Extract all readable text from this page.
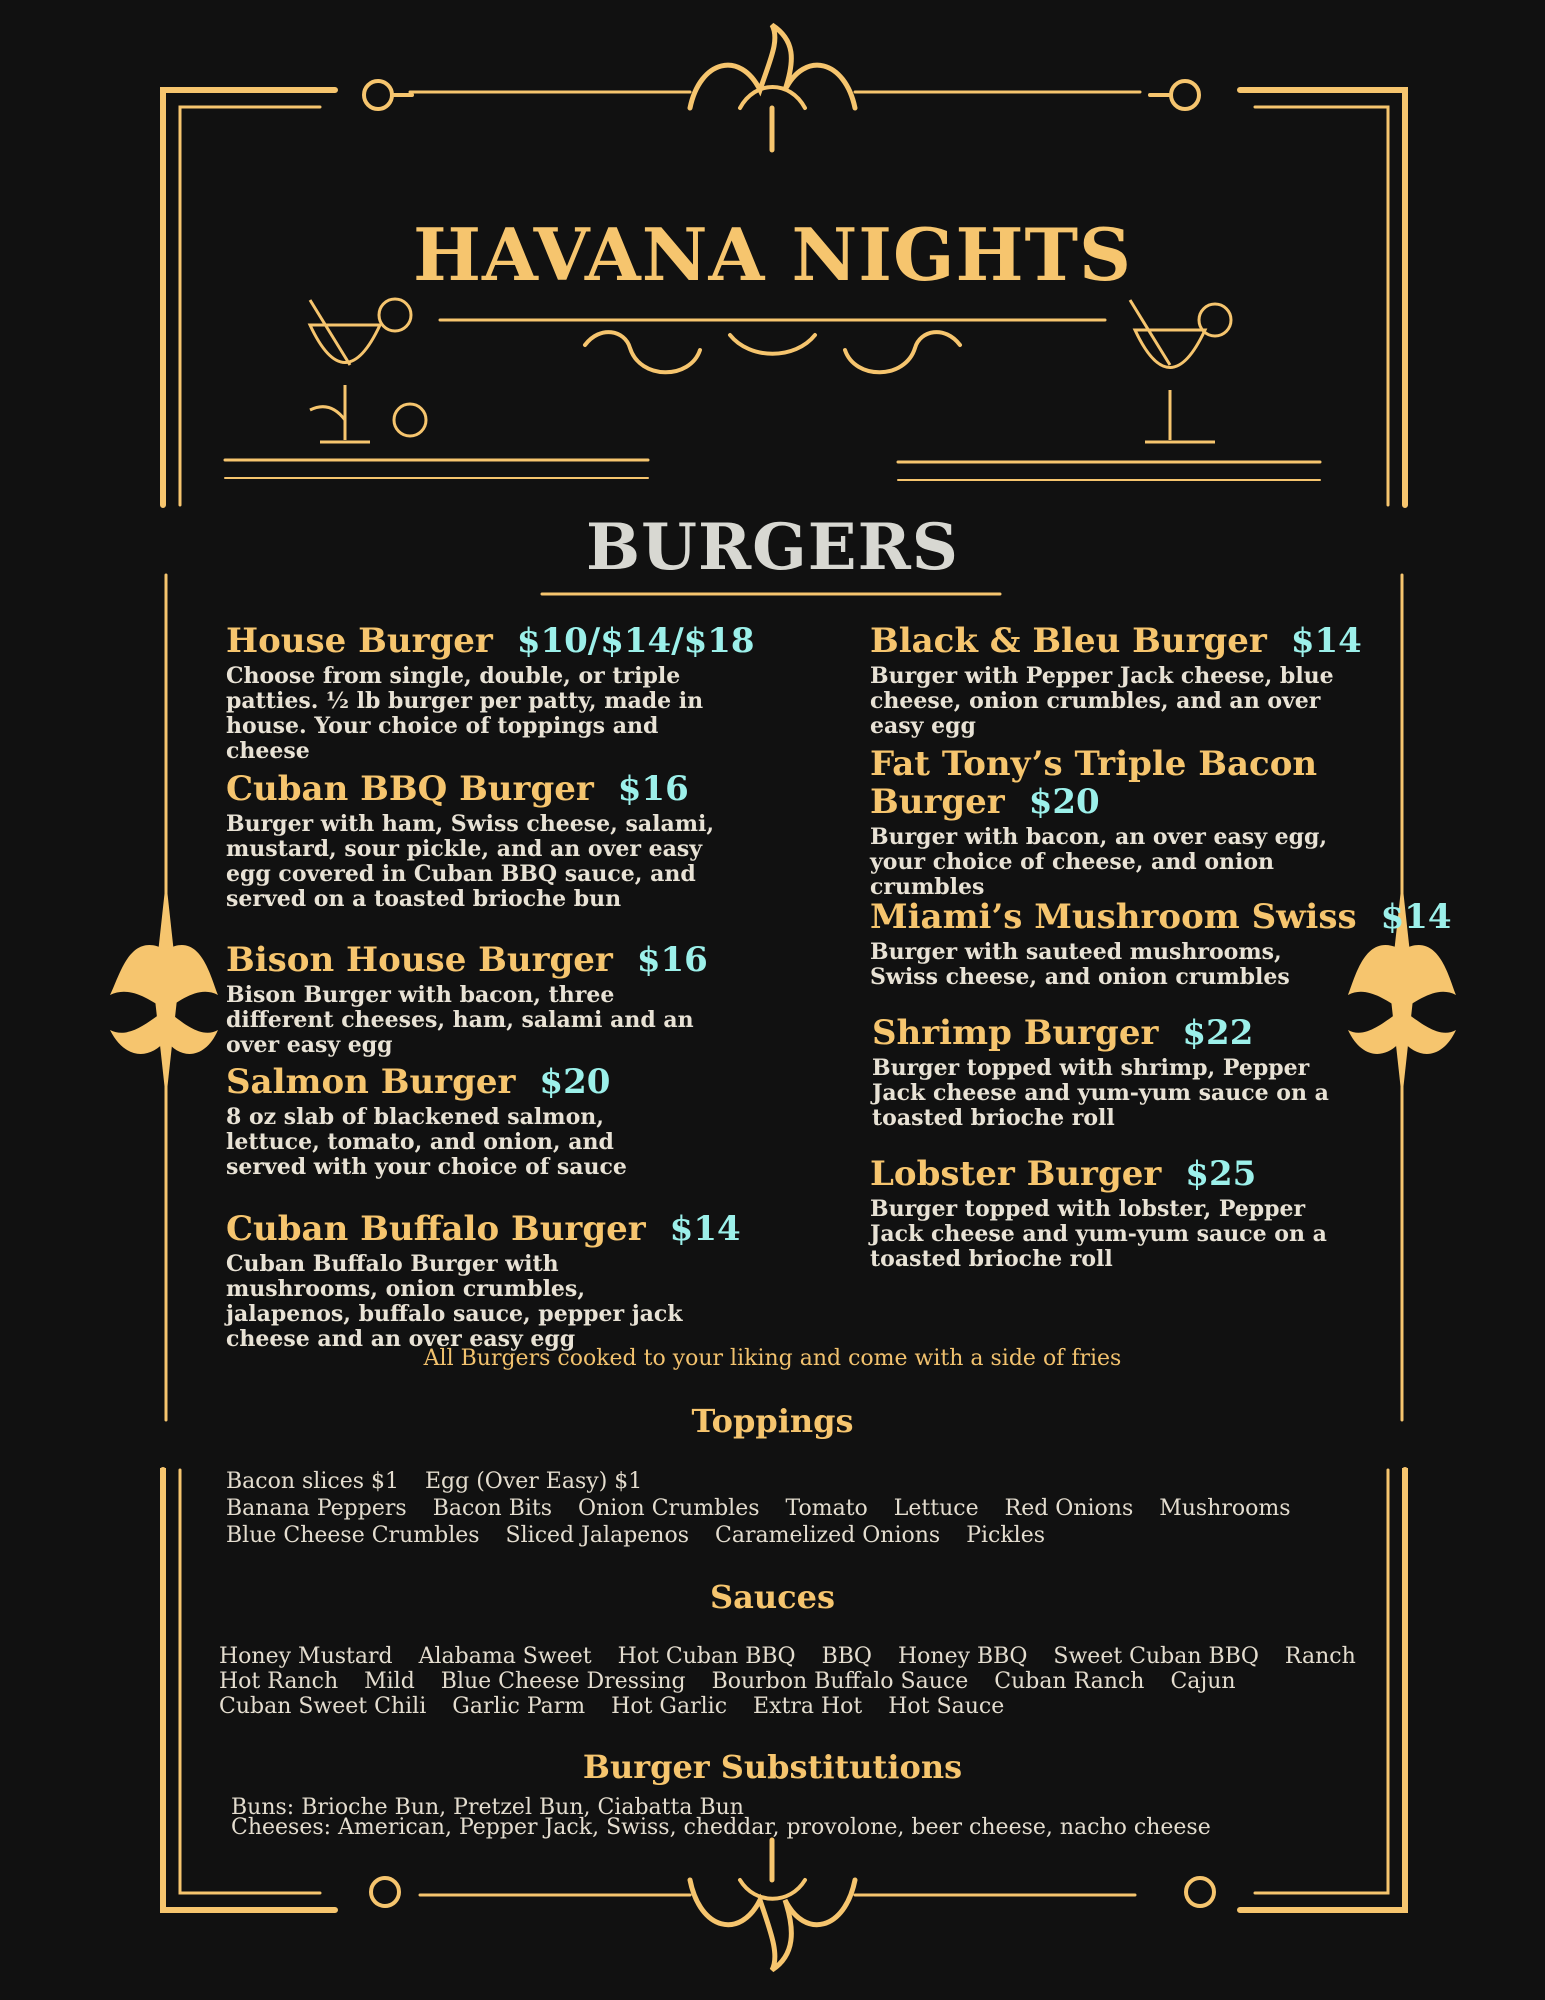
HAVANA NIGHTS
BURGERS
House Burger $10/$14/$18
Choose from single, double, or triple patties. ½ lb burger per patty, made in house. Your choice of toppings and cheese
Cuban BBQ Burger $16
Burger with ham, Swiss cheese, salami, mustard, sour pickle, and an over easy egg covered in Cuban BBQ sauce, and served on a toasted brioche bun
Bison House Burger $16
Bison Burger with bacon, three different cheeses, ham, salami and an over easy egg
Salmon Burger $20
8 oz slab of blackened salmon, lettuce, tomato, and onion, and served with your choice of sauce
Cuban Buffalo Burger $14
Cuban Buffalo Burger with mushrooms, onion crumbles, jalapenos, buffalo sauce, pepper jack cheese and an over easy egg
Black & Bleu Burger $14
Burger with Pepper Jack cheese, blue cheese, onion crumbles, and an over easy egg
Fat Tony’s Triple Bacon
Burger $20
Burger with bacon, an over easy egg, your choice of cheese, and onion crumbles
Miami’s Mushroom Swiss $14
Burger with sauteed mushrooms, Swiss cheese, and onion crumbles
Shrimp Burger $22
Burger topped with shrimp, Pepper Jack cheese and yum-yum sauce on a toasted brioche roll
Lobster Burger $25
Burger topped with lobster, Pepper Jack cheese and yum-yum sauce on a toasted brioche roll
All Burgers cooked to your liking and come with a side of fries
Toppings
Bacon slices $1 Egg (Over Easy) $1
Banana Peppers Bacon Bits Onion Crumbles Tomato Lettuce Red Onions Mushrooms
Blue Cheese Crumbles Sliced Jalapenos Caramelized Onions Pickles
Sauces
Honey Mustard Alabama Sweet Hot Cuban BBQ BBQ Honey BBQ Sweet Cuban BBQ Ranch
Hot Ranch Mild Blue Cheese Dressing Bourbon Buffalo Sauce Cuban Ranch Cajun
Cuban Sweet Chili Garlic Parm Hot Garlic Extra Hot Hot Sauce
Burger Substitutions
Buns: Brioche Bun, Pretzel Bun, Ciabatta Bun
Cheeses: American, Pepper Jack, Swiss, cheddar, provolone, beer cheese, nacho cheese
